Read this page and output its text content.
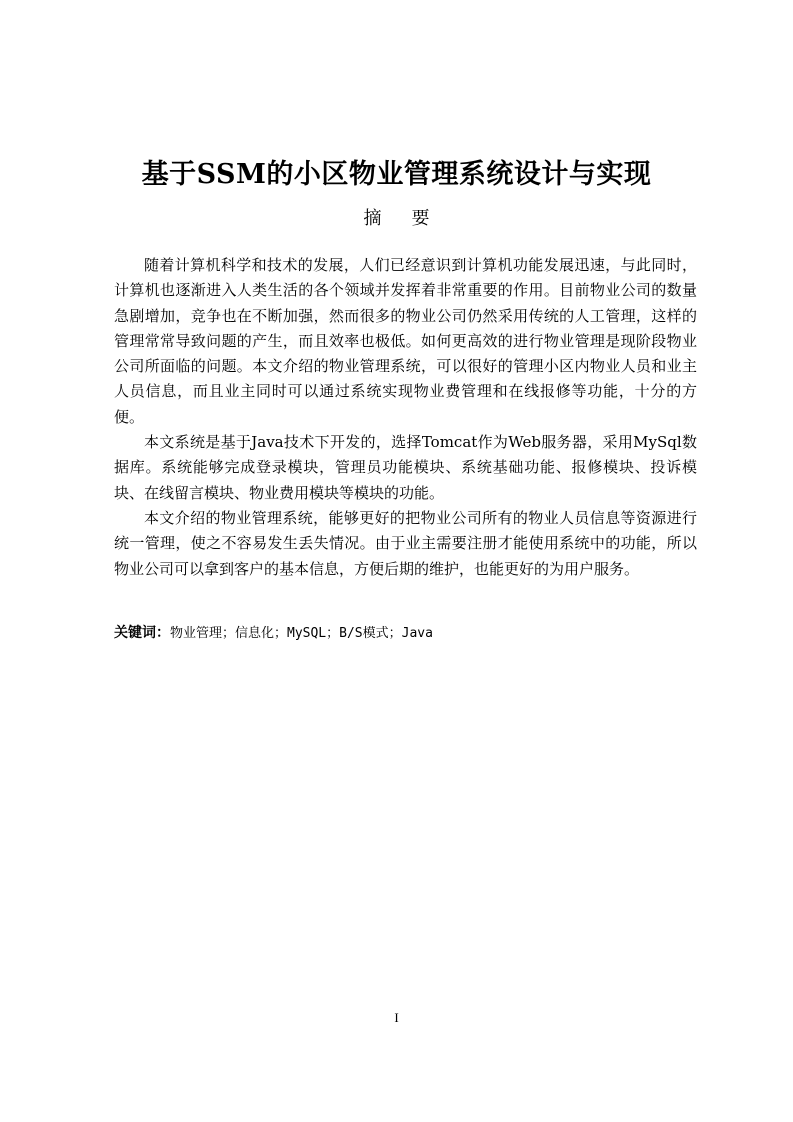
基于SSM的小区物业管理系统设计与实现
摘要

随着计算机科学和技术的发展，人们已经意识到计算机功能发展迅速，与此同时，计算机也逐渐进入人类生活的各个领域并发挥着非常重要的作用。目前物业公司的数量急剧增加，竞争也在不断加强，然而很多的物业公司仍然采用传统的人工管理，这样的管理常常导致问题的产生，而且效率也极低。如何更高效的进行物业管理是现阶段物业公司所面临的问题。本文介绍的物业管理系统，可以很好的管理小区内物业人员和业主人员信息，而且业主同时可以通过系统实现物业费管理和在线报修等功能，十分的方便。

本文系统是基于Java技术下开发的，选择Tomcat作为Web服务器，采用MySql数据库。系统能够完成登录模块，管理员功能模块、系统基础功能、报修模块、投诉模块、在线留言模块、物业费用模块等模块的功能。

本文介绍的物业管理系统，能够更好的把物业公司所有的物业人员信息等资源进行统一管理，使之不容易发生丢失情况。由于业主需要注册才能使用系统中的功能，所以物业公司可以拿到客户的基本信息，方便后期的维护，也能更好的为用户服务。

关键词：物业管理；信息化；MySQL；B/S模式；Java
I
